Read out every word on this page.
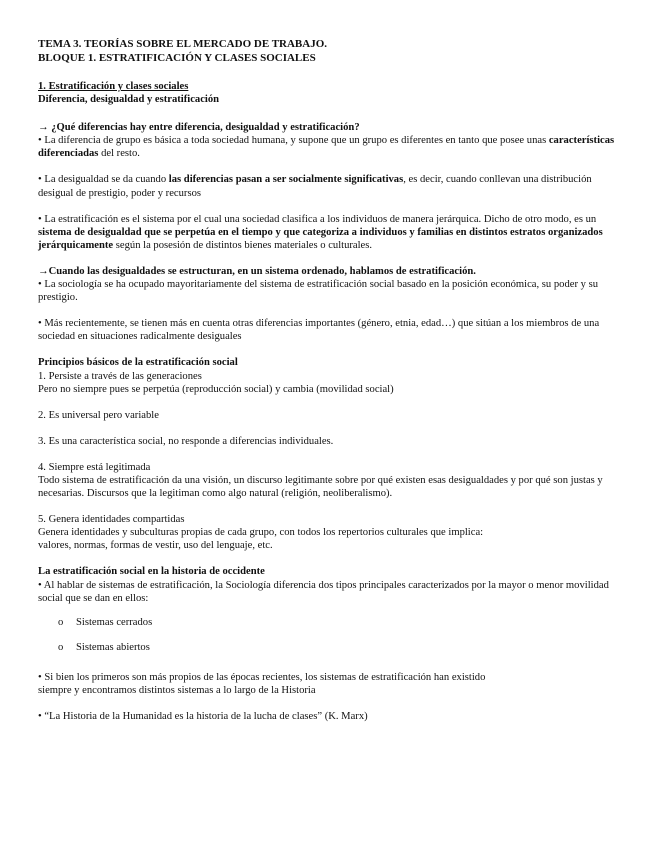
TEMA 3. TEORÍAS SOBRE EL MERCADO DE TRABAJO.

BLOQUE 1. ESTRATIFICACIÓN Y CLASES SOCIALES

1. Estratificación y clases sociales

Diferencia, desigualdad y estratificación

→ ¿Qué diferencias hay entre diferencia, desigualdad y estratificación?

• La diferencia de grupo es básica a toda sociedad humana, y supone que un grupo es diferentes en tanto que posee unas características diferenciadas del resto.

• La desigualdad se da cuando las diferencias pasan a ser socialmente significativas, es decir, cuando conllevan una distribución desigual de prestigio, poder y recursos

• La estratificación es el sistema por el cual una sociedad clasifica a los individuos de manera jerárquica. Dicho de otro modo, es un sistema de desigualdad que se perpetúa en el tiempo y que categoriza a individuos y familias en distintos estratos organizados jerárquicamente según la posesión de distintos bienes materiales o culturales.

→Cuando las desigualdades se estructuran, en un sistema ordenado, hablamos de estratificación.

• La sociología se ha ocupado mayoritariamente del sistema de estratificación social basado en la posición económica, su poder y su prestigio.

• Más recientemente, se tienen más en cuenta otras diferencias importantes (género, etnia, edad…) que sitúan a los miembros de una sociedad en situaciones radicalmente desiguales

Principios básicos de la estratificación social

1. Persiste a través de las generaciones

Pero no siempre pues se perpetúa (reproducción social) y cambia (movilidad social)

2. Es universal pero variable

3. Es una característica social, no responde a diferencias individuales.

4. Siempre está legitimada

Todo sistema de estratificación da una visión, un discurso legitimante sobre por qué existen esas desigualdades y por qué son justas y necesarias. Discursos que la legitiman como algo natural (religión, neoliberalismo).

5. Genera identidades compartidas

Genera identidades y subculturas propias de cada grupo, con todos los repertorios culturales que implica:

valores, normas, formas de vestir, uso del lenguaje, etc.

La estratificación social en la historia de occidente

• Al hablar de sistemas de estratificación, la Sociología diferencia dos tipos principales caracterizados por la mayor o menor movilidad social que se dan en ellos:

o Sistemas cerrados
o Sistemas abiertos

• Si bien los primeros son más propios de las épocas recientes, los sistemas de estratificación han existido

siempre y encontramos distintos sistemas a lo largo de la Historia

• “La Historia de la Humanidad es la historia de la lucha de clases” (K. Marx)
